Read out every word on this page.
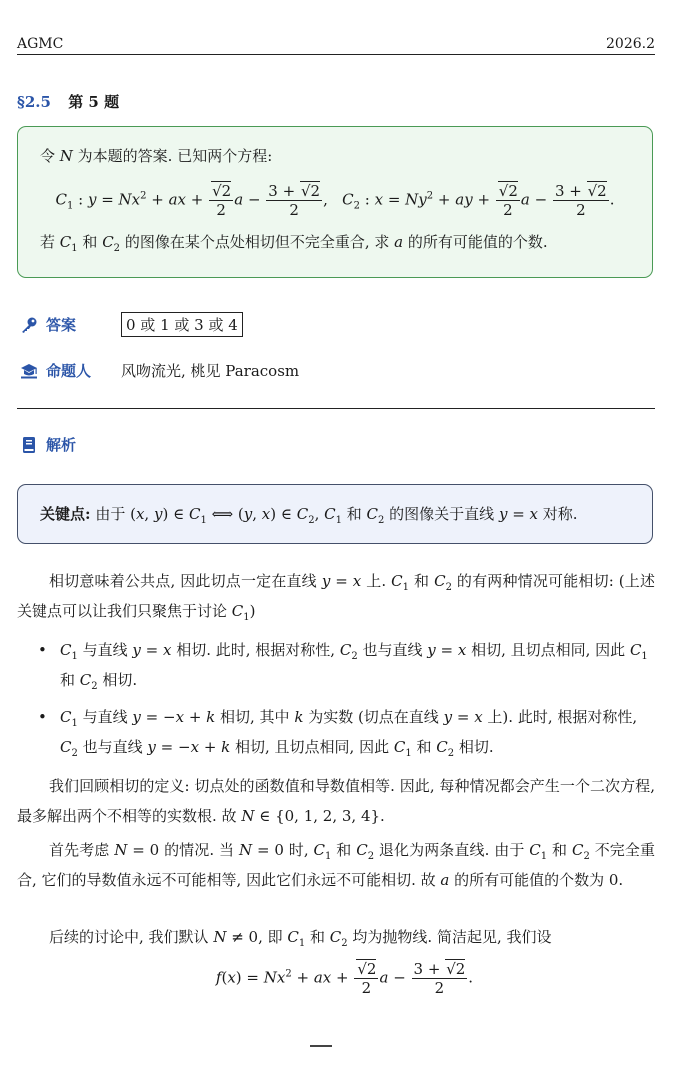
AGMC	2026.2
§2.5 第 5 题

令 N 为本题的答案. 已知两个方程:

$C_1$ : $y = Nx^2$ + ax + $\frac{√2}{2}$ $a - \frac{3 + √2}{2}$ ,   $C_2$ : $x = Ny^2$ + ay + $\frac{√2}{2}$ $a - \frac{3 + √2}{2}$ .

若 $C_1$ 和 $C_2$ 的图像在某个点处相切但不完全重合, 求 a 的所有可能值的个数.

答案	0 或 1 或 3 或 4
命题人	风吻流光, 桃见 Paracosm
解析
关键点: 由于 (x, y) ∈ $C_1$ ⟺ (y, x) ∈ $C_2$, $C_1$ 和 $C_2$ 的图像关于直线 y = x 对称.
相切意味着公共点, 因此切点一定在直线 y = x 上. $C_1$ 和 $C_2$ 的有两种情况可能相切: (上述关键点可以让我们只聚焦于讨论 $C_1$)
• $C_1$ 与直线 y = x 相切. 此时, 根据对称性, $C_2$ 也与直线 y = x 相切, 且切点相同, 因此 $C_1$ 和 $C_2$ 相切.
• $C_1$ 与直线 y = −x + k 相切, 其中 k 为实数 (切点在直线 y = x 上). 此时, 根据对称性, $C_2$ 也与直线 y = −x + k 相切, 且切点相同, 因此 $C_1$ 和 $C_2$ 相切.
我们回顾相切的定义: 切点处的函数值和导数值相等. 因此, 每种情况都会产生一个二次方程, 最多解出两个不相等的实数根. 故 N ∈ {0, 1, 2, 3, 4}.
首先考虑 N = 0 的情况. 当 N = 0 时, $C_1$ 和 $C_2$ 退化为两条直线. 由于 $C_1$ 和 $C_2$ 不完全重合, 它们的导数值永远不可能相等, 因此它们永远不可能相切. 故 a 的所有可能值的个数为 0.
后续的讨论中, 我们默认 N ≠ 0, 即 $C_1$ 和 $C_2$ 均为抛物线. 简洁起见, 我们设
$f(x) = Nx^2$ + ax + $\frac{√2}{2}$ $a - \frac{3 + √2}{2}$ .
